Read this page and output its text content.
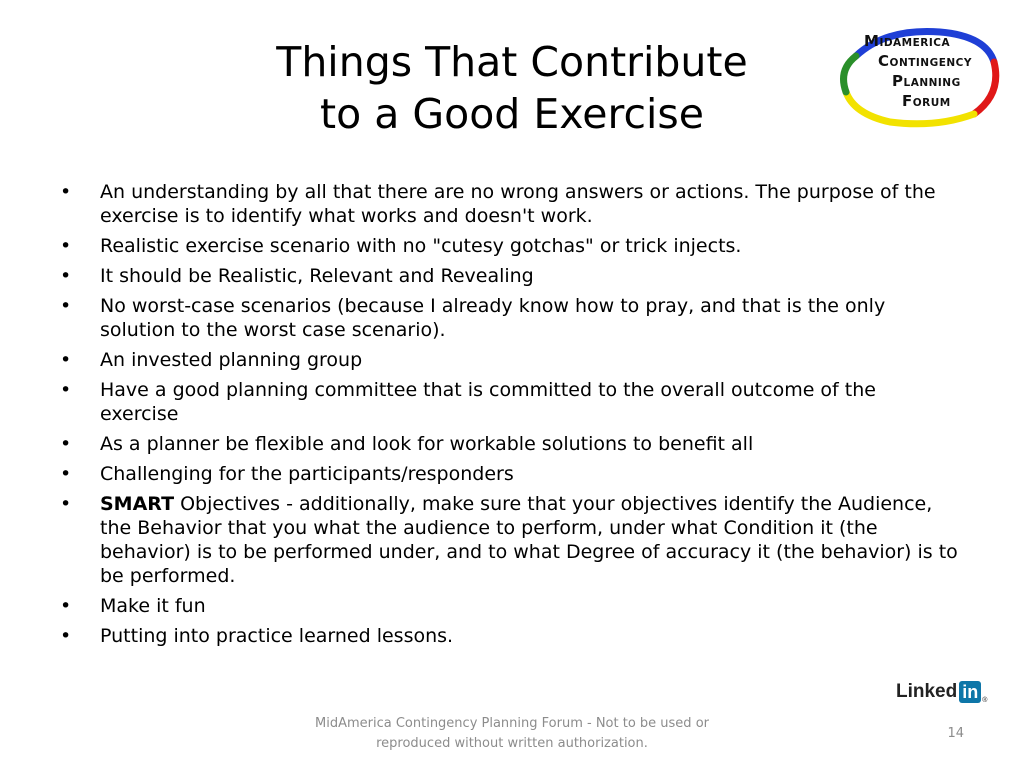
Things That Contribute
to a Good Exercise
MIDAMERICA
CONTINGENCY
PLANNING
FORUM
• An understanding by all that there are no wrong answers or actions. The purpose of the exercise is to identify what works and doesn't work.
• Realistic exercise scenario with no "cutesy gotchas" or trick injects.
• It should be Realistic, Relevant and Revealing
• No worst-case scenarios (because I already know how to pray, and that is the only solution to the worst case scenario).
• An invested planning group
• Have a good planning committee that is committed to the overall outcome of the exercise
• As a planner be flexible and look for workable solutions to benefit all
• Challenging for the participants/responders
• SMART Objectives - additionally, make sure that your objectives identify the Audience, the Behavior that you what the audience to perform, under what Condition it (the behavior) is to be performed under, and to what Degree of accuracy it (the behavior) is to be performed.
• Make it fun
• Putting into practice learned lessons.
Linked in ®
MidAmerica Contingency Planning Forum - Not to be used or
reproduced without written authorization.
14
